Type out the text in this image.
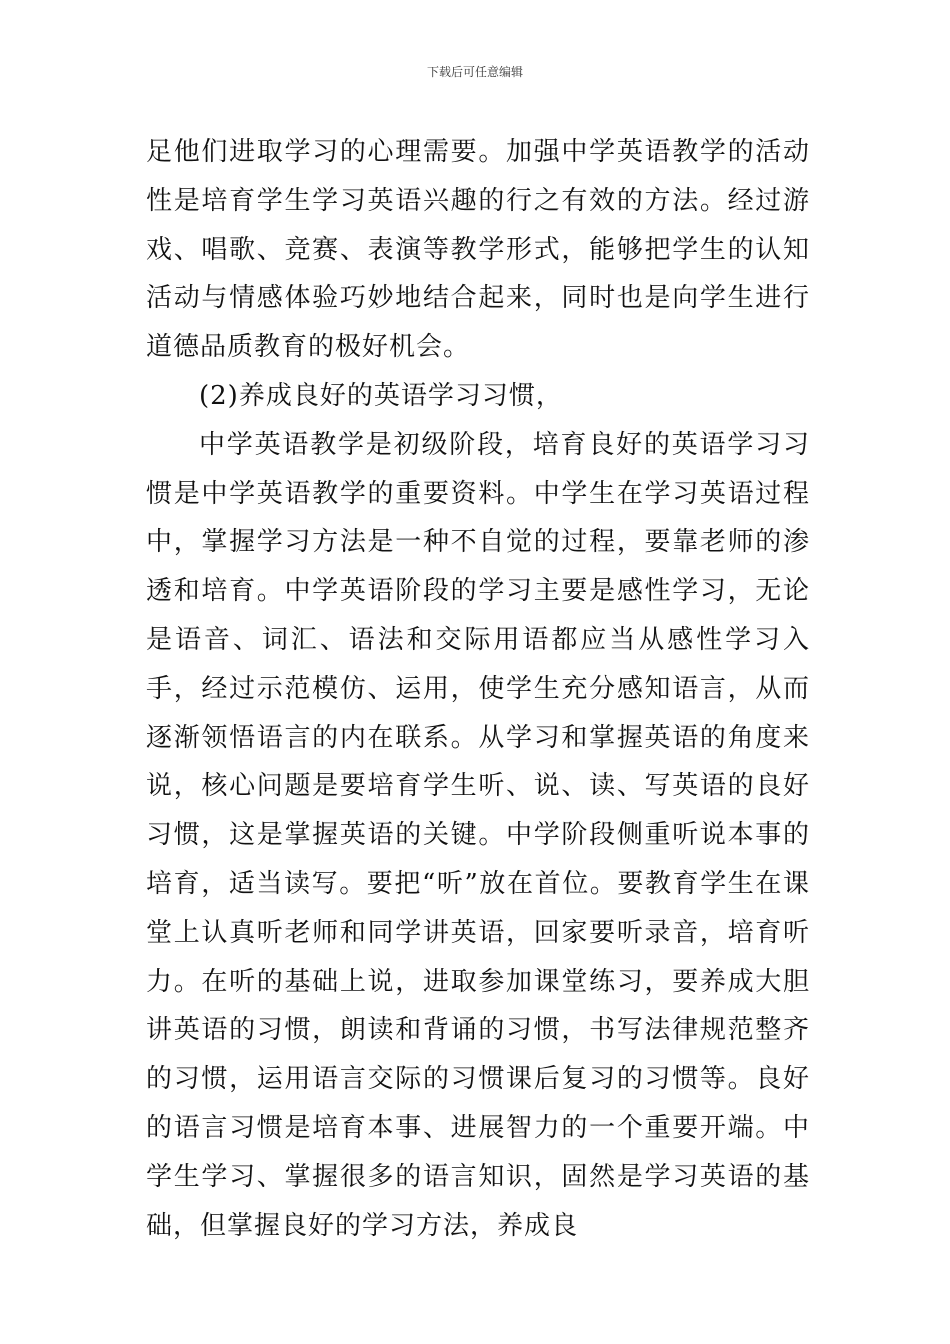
下载后可任意编辑

足他们进取学习的心理需要。加强中学英语教学的活动性是培育学生学习英语兴趣的行之有效的方法。经过游戏、唱歌、竞赛、表演等教学形式，能够把学生的认知活动与情感体验巧妙地结合起来，同时也是向学生进行道德品质教育的极好机会。

(2)养成良好的英语学习习惯，

中学英语教学是初级阶段，培育良好的英语学习习惯是中学英语教学的重要资料。中学生在学习英语过程中，掌握学习方法是一种不自觉的过程，要靠老师的渗透和培育。中学英语阶段的学习主要是感性学习，无论是语音、词汇、语法和交际用语都应当从感性学习入手，经过示范模仿、运用，使学生充分感知语言，从而逐渐领悟语言的内在联系。从学习和掌握英语的角度来说，核心问题是要培育学生听、说、读、写英语的良好习惯，这是掌握英语的关键。中学阶段侧重听说本事的培育，适当读写。要把“听”放在首位。要教育学生在课堂上认真听老师和同学讲英语，回家要听录音，培育听力。在听的基础上说，进取参加课堂练习，要养成大胆讲英语的习惯，朗读和背诵的习惯，书写法律规范整齐的习惯，运用语言交际的习惯课后复习的习惯等。良好的语言习惯是培育本事、进展智力的一个重要开端。中学生学习、掌握很多的语言知识，固然是学习英语的基础，但掌握良好的学习方法，养成良
